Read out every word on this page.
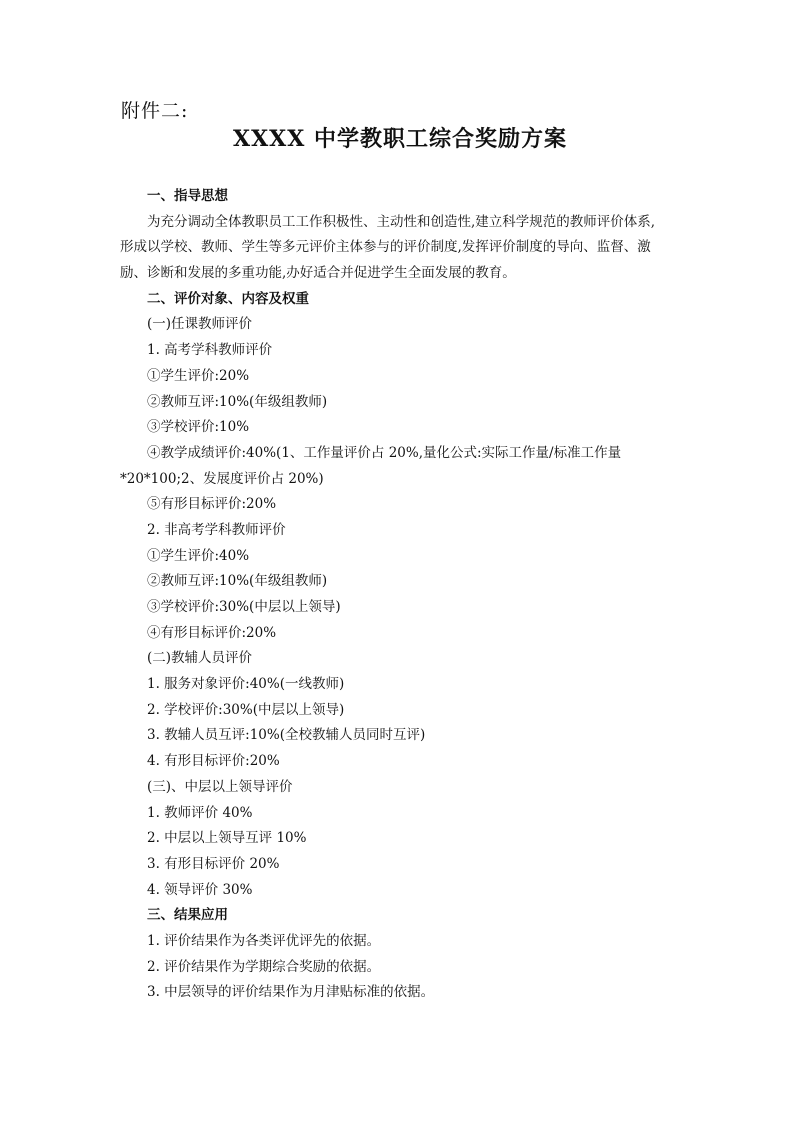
附件二:
XXXX 中学教职工综合奖励方案
一、指导思想
为充分调动全体教职员工工作积极性、主动性和创造性,建立科学规范的教师评价体系,
形成以学校、教师、学生等多元评价主体参与的评价制度,发挥评价制度的导向、监督、激
励、诊断和发展的多重功能,办好适合并促进学生全面发展的教育。
二、评价对象、内容及权重
(一)任课教师评价
1. 高考学科教师评价
①学生评价:20%
②教师互评:10%(年级组教师)
③学校评价:10%
④教学成绩评价:40%(1、工作量评价占 20%,量化公式:实际工作量/标准工作量
*20*100;2、发展度评价占 20%)
⑤有形目标评价:20%
2. 非高考学科教师评价
①学生评价:40%
②教师互评:10%(年级组教师)
③学校评价:30%(中层以上领导)
④有形目标评价:20%
(二)教辅人员评价
1. 服务对象评价:40%(一线教师)
2. 学校评价:30%(中层以上领导)
3. 教辅人员互评:10%(全校教辅人员同时互评)
4. 有形目标评价:20%
(三)、中层以上领导评价
1. 教师评价 40%
2. 中层以上领导互评 10%
3. 有形目标评价 20%
4. 领导评价 30%
三、结果应用
1. 评价结果作为各类评优评先的依据。
2. 评价结果作为学期综合奖励的依据。
3. 中层领导的评价结果作为月津贴标准的依据。
